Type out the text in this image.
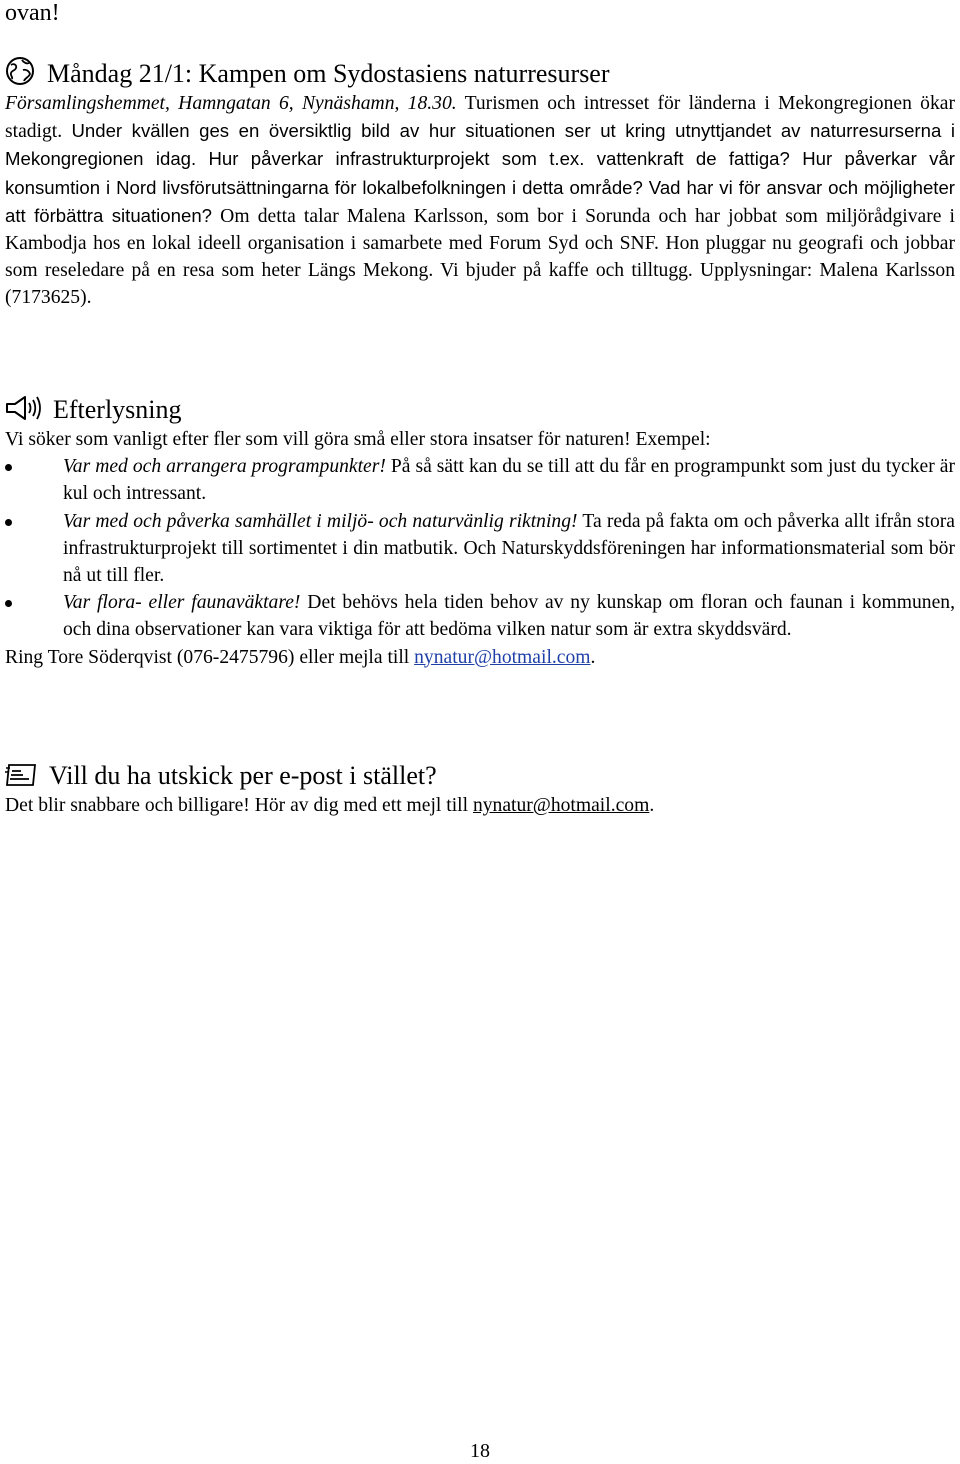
ovan!
Måndag 21/1: Kampen om Sydostasiens naturresurser
Församlingshemmet, Hamngatan 6, Nynäshamn, 18.30. Turismen och intresset för länderna i Mekongregionen ökar stadigt. Under kvällen ges en översiktlig bild av hur situationen ser ut kring utnyttjandet av naturresurserna i Mekongregionen idag. Hur påverkar infrastrukturprojekt som t.ex. vattenkraft de fattiga? Hur påverkar vår konsumtion i Nord livsförutsättningarna för lokalbefolkningen i detta område? Vad har vi för ansvar och möjligheter att förbättra situationen? Om detta talar Malena Karlsson, som bor i Sorunda och har jobbat som miljörådgivare i Kambodja hos en lokal ideell organisation i samarbete med Forum Syd och SNF. Hon pluggar nu geografi och jobbar som reseledare på en resa som heter Längs Mekong. Vi bjuder på kaffe och tilltugg. Upplysningar: Malena Karlsson (7173625).
Efterlysning
Vi söker som vanligt efter fler som vill göra små eller stora insatser för naturen! Exempel:
Var med och arrangera programpunkter! På så sätt kan du se till att du får en programpunkt som just du tycker är kul och intressant.
Var med och påverka samhället i miljö- och naturvänlig riktning! Ta reda på fakta om och påverka allt ifrån stora infrastrukturprojekt till sortimentet i din matbutik. Och Naturskyddsföreningen har informationsmaterial som bör nå ut till fler.
Var flora- eller faunaväktare! Det behövs hela tiden behov av ny kunskap om floran och faunan i kommunen, och dina observationer kan vara viktiga för att bedöma vilken natur som är extra skyddsvärd.
Ring Tore Söderqvist (076-2475796) eller mejla till nynatur@hotmail.com.
Vill du ha utskick per e-post i stället?
Det blir snabbare och billigare! Hör av dig med ett mejl till nynatur@hotmail.com.
18
